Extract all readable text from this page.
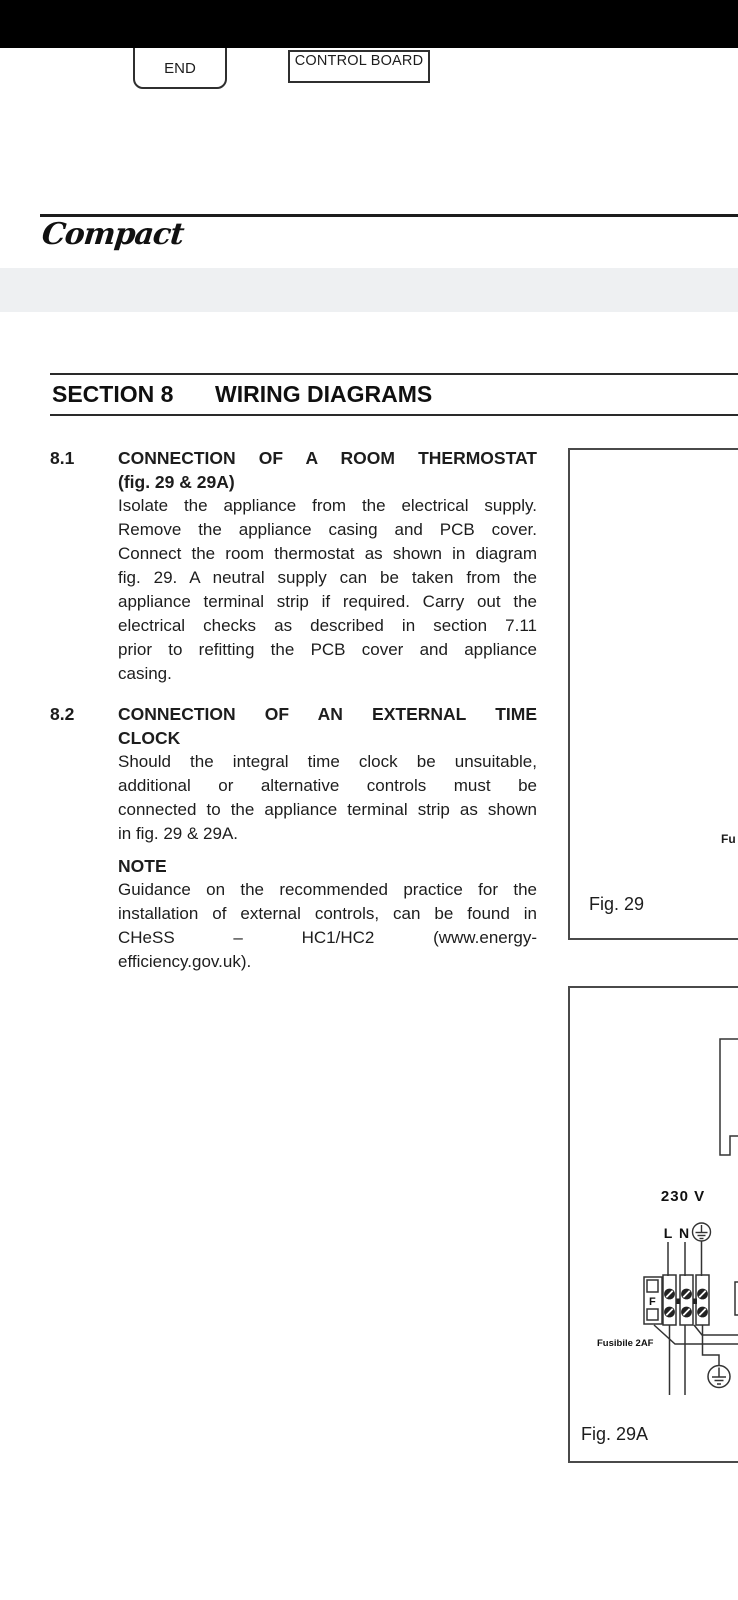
END	CONTROL BOARD
Compact
SECTION 8	WIRING DIAGRAMS
8.1	CONNECTION OF A ROOM THERMOSTAT
(fig. 29 & 29A)
Isolate the appliance from the electrical supply.
Remove the appliance casing and PCB cover.
Connect the room thermostat as shown in diagram
fig. 29. A neutral supply can be taken from the
appliance terminal strip if required. Carry out the
electrical checks as described in section 7.11
prior to refitting the PCB cover and appliance
casing.
8.2	CONNECTION OF AN EXTERNAL TIME
CLOCK
Should the integral time clock be unsuitable,
additional or alternative controls must be
connected to the appliance terminal strip as shown
in fig. 29 & 29A.
NOTE
Guidance on the recommended practice for the
installation of external controls, can be found in
CHeSS – HC1/HC2 (www.energy-
efficiency.gov.uk).
Fu
Fig. 29
230 V
L N
F
Fusibile 2AF
Fig. 29A
